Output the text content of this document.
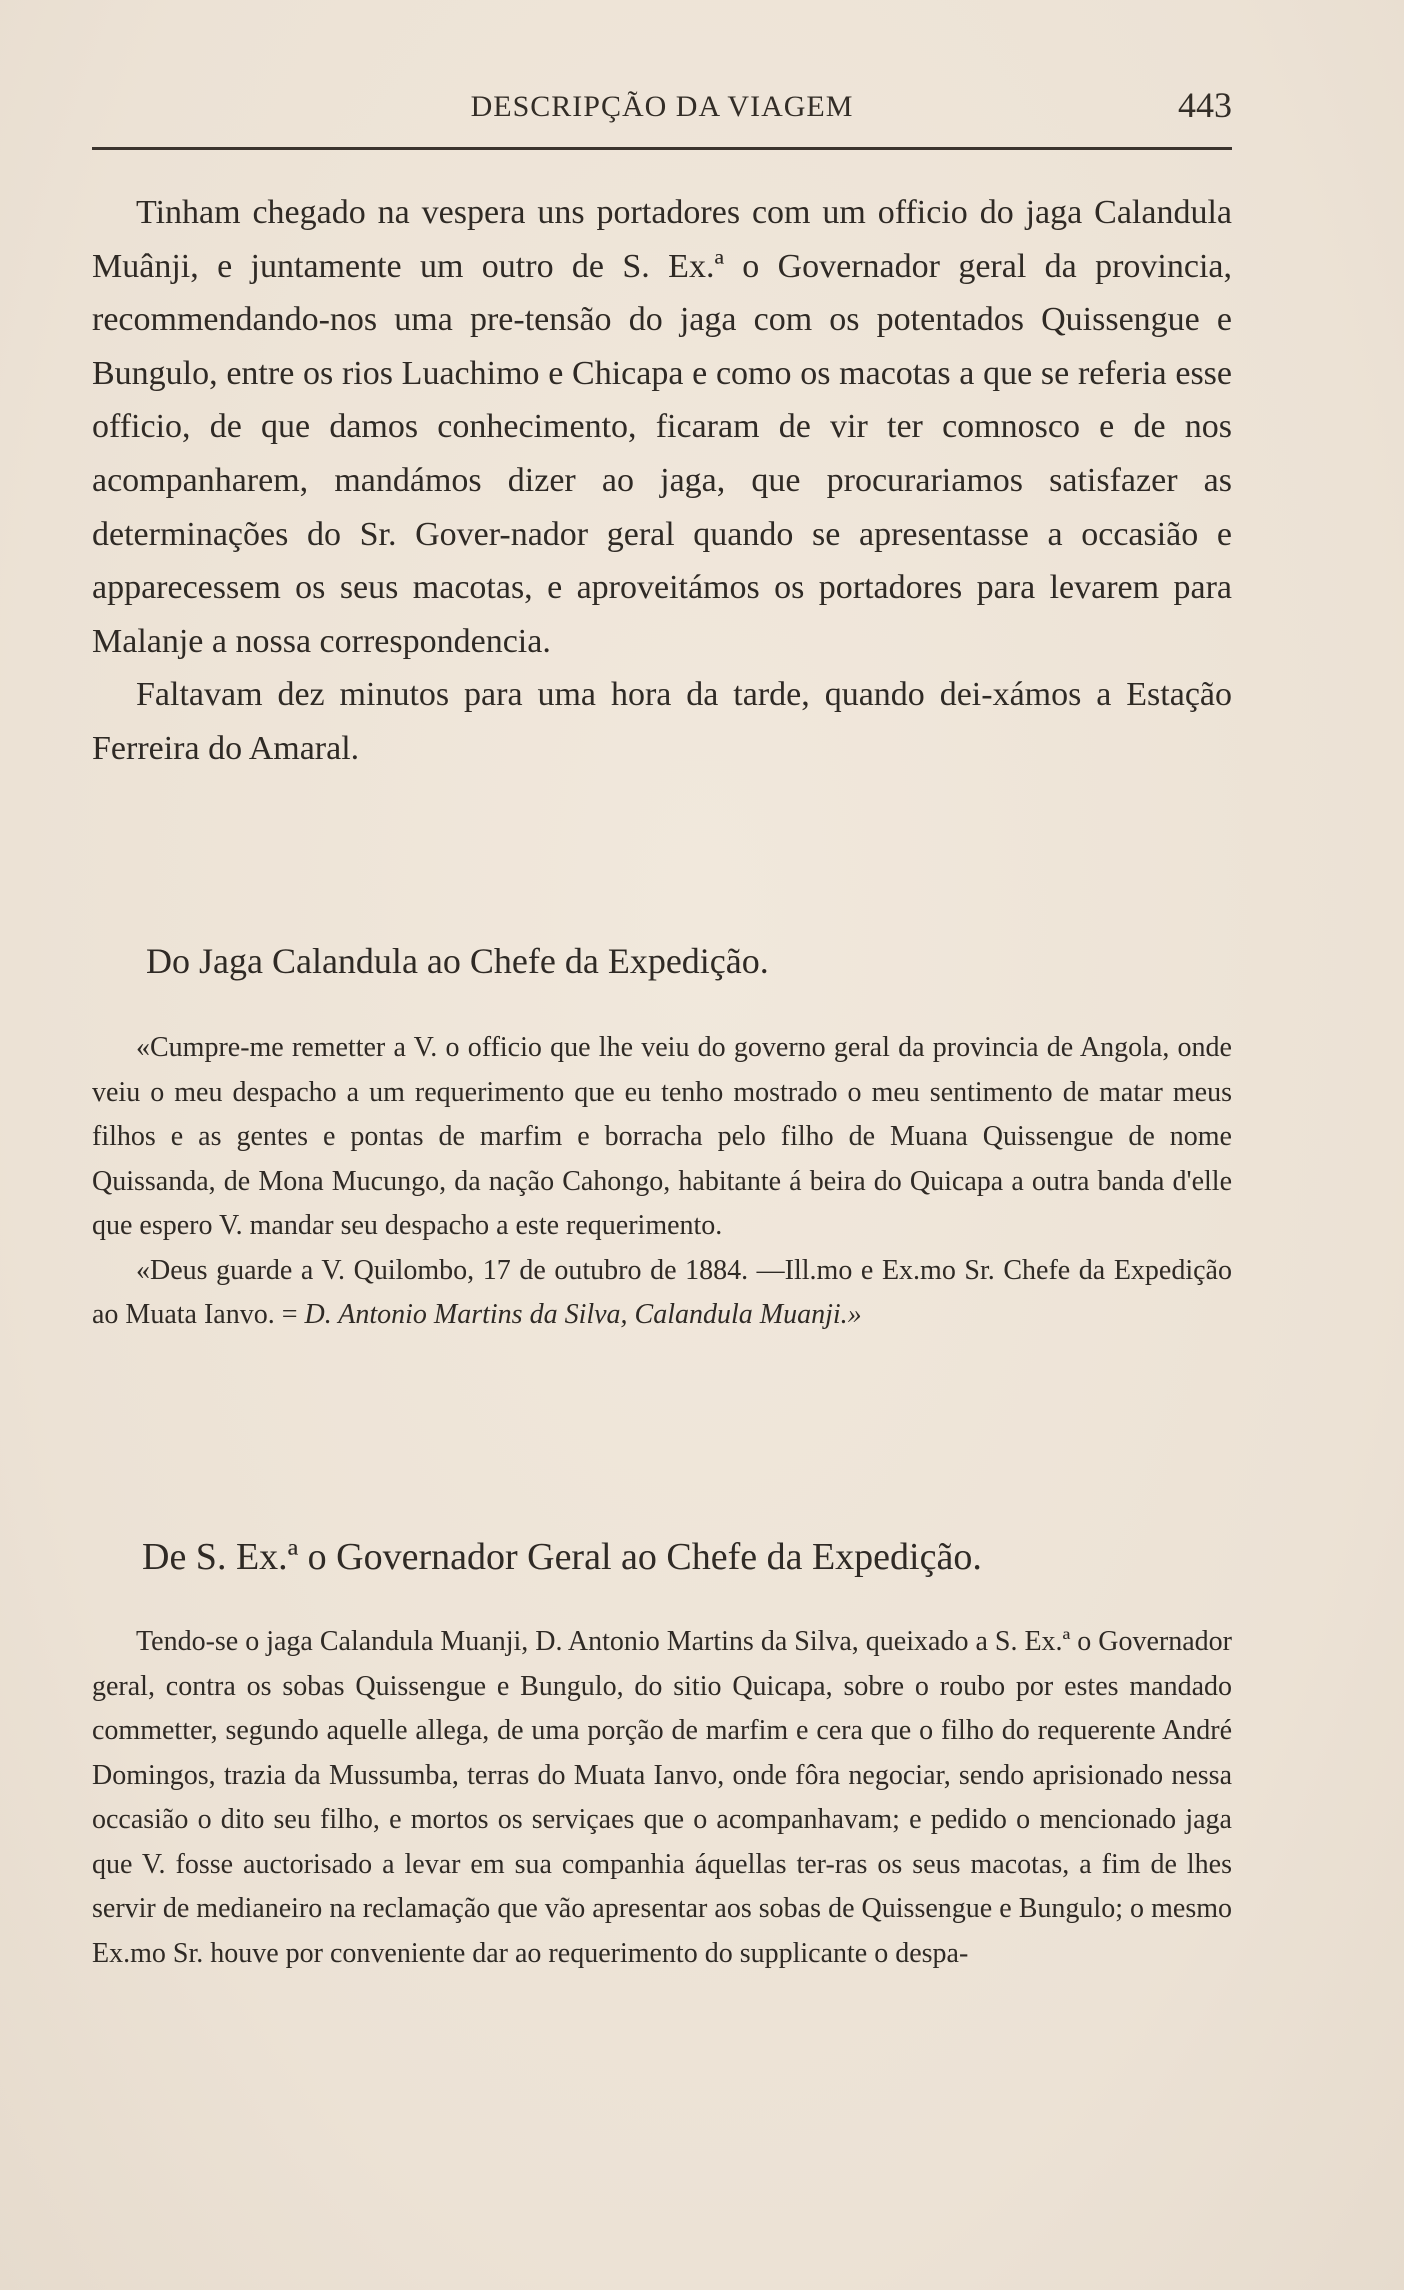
DESCRIPÇÃO DA VIAGEM	443

Tinham chegado na vespera uns portadores com um officio do jaga Calandula Muânji, e juntamente um outro de S. Ex.ª o Governador geral da provincia, recommendando-nos uma pre-tensão do jaga com os potentados Quissengue e Bungulo, entre os rios Luachimo e Chicapa e como os macotas a que se referia esse officio, de que damos conhecimento, ficaram de vir ter comnosco e de nos acompanharem, mandámos dizer ao jaga, que procurariamos satisfazer as determinações do Sr. Gover-nador geral quando se apresentasse a occasião e apparecessem os seus macotas, e aproveitámos os portadores para levarem para Malanje a nossa correspondencia.

Faltavam dez minutos para uma hora da tarde, quando dei-xámos a Estação Ferreira do Amaral.

Do Jaga Calandula ao Chefe da Expedição.

«Cumpre-me remetter a V. o officio que lhe veiu do governo geral da provincia de Angola, onde veiu o meu despacho a um requerimento que eu tenho mostrado o meu sentimento de matar meus filhos e as gentes e pontas de marfim e borracha pelo filho de Muana Quissengue de nome Quissanda, de Mona Mucungo, da nação Cahongo, habitante á beira do Quicapa a outra banda d'elle que espero V. mandar seu despacho a este requerimento.

«Deus guarde a V. Quilombo, 17 de outubro de 1884. —Ill.mo e Ex.mo Sr. Chefe da Expedição ao Muata Ianvo. = D. Antonio Martins da Silva, Calandula Muanji.»

De S. Ex.ª o Governador Geral ao Chefe da Expedição.

Tendo-se o jaga Calandula Muanji, D. Antonio Martins da Silva, queixado a S. Ex.ª o Governador geral, contra os sobas Quissengue e Bungulo, do sitio Quicapa, sobre o roubo por estes mandado commetter, segundo aquelle allega, de uma porção de marfim e cera que o filho do requerente André Domingos, trazia da Mussumba, terras do Muata Ianvo, onde fôra negociar, sendo aprisionado nessa occasião o dito seu filho, e mortos os serviçaes que o acompanhavam; e pedido o mencionado jaga que V. fosse auctorisado a levar em sua companhia áquellas ter-ras os seus macotas, a fim de lhes servir de medianeiro na reclamação que vão apresentar aos sobas de Quissengue e Bungulo; o mesmo Ex.mo Sr. houve por conveniente dar ao requerimento do supplicante o despa-
